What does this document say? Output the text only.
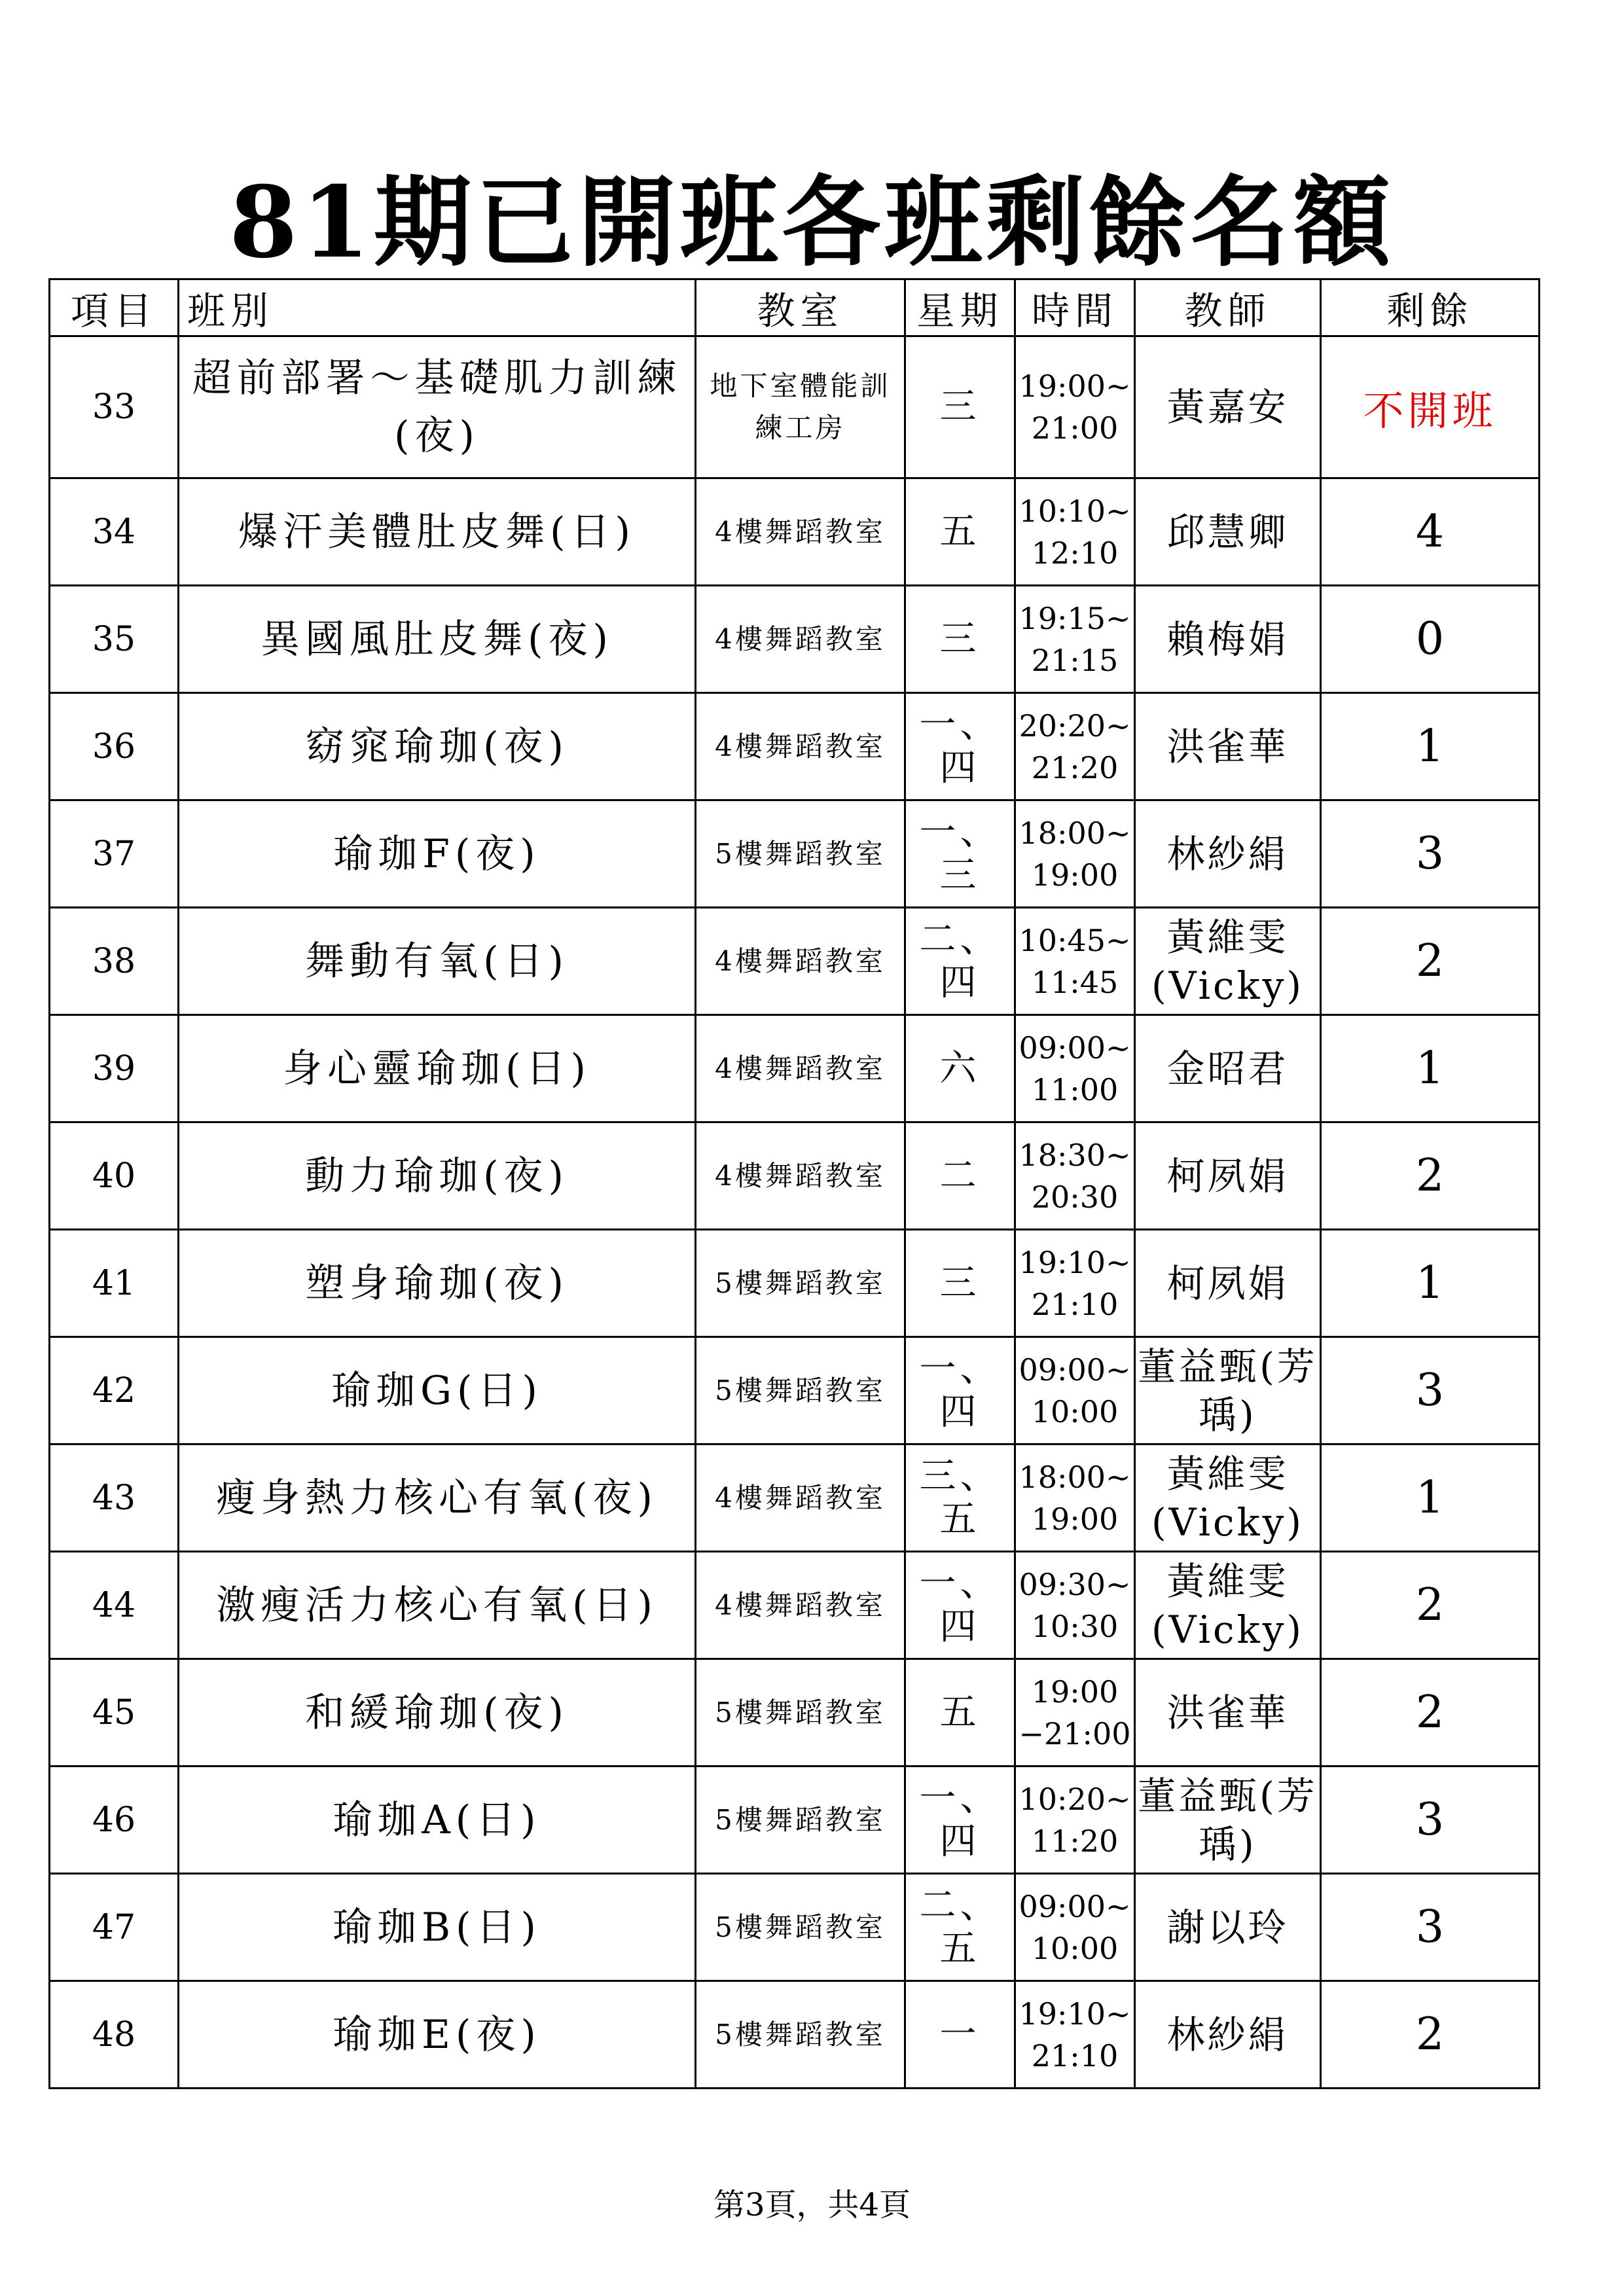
81期已開班各班剩餘名額
項目	班別	教室	星期	時間	教師	剩餘
33	超前部署～基礎肌力訓練(夜)	地下室體能訓練工房	三	19:00~21:00	黃嘉安	不開班
34	爆汗美體肚皮舞(日)	4樓舞蹈教室	五	10:10~12:10	邱慧卿	4
35	異國風肚皮舞(夜)	4樓舞蹈教室	三	19:15~21:15	賴梅娟	0
36	窈窕瑜珈(夜)	4樓舞蹈教室	一、四	20:20~21:20	洪雀華	1
37	瑜珈F(夜)	5樓舞蹈教室	一、三	18:00~19:00	林紗絹	3
38	舞動有氧(日)	4樓舞蹈教室	二、四	10:45~11:45	黃維雯(Vicky)	2
39	身心靈瑜珈(日)	4樓舞蹈教室	六	09:00~11:00	金昭君	1
40	動力瑜珈(夜)	4樓舞蹈教室	二	18:30~20:30	柯夙娟	2
41	塑身瑜珈(夜)	5樓舞蹈教室	三	19:10~21:10	柯夙娟	1
42	瑜珈G(日)	5樓舞蹈教室	一、四	09:00~10:00	董益甄(芳瑀)	3
43	瘦身熱力核心有氧(夜)	4樓舞蹈教室	三、五	18:00~19:00	黃維雯(Vicky)	1
44	激瘦活力核心有氧(日)	4樓舞蹈教室	一、四	09:30~10:30	黃維雯(Vicky)	2
45	和緩瑜珈(夜)	5樓舞蹈教室	五	19:00−21:00	洪雀華	2
46	瑜珈A(日)	5樓舞蹈教室	一、四	10:20~11:20	董益甄(芳瑀)	3
47	瑜珈B(日)	5樓舞蹈教室	二、五	09:00~10:00	謝以玲	3
48	瑜珈E(夜)	5樓舞蹈教室	一	19:10~21:10	林紗絹	2
第3頁，共4頁
